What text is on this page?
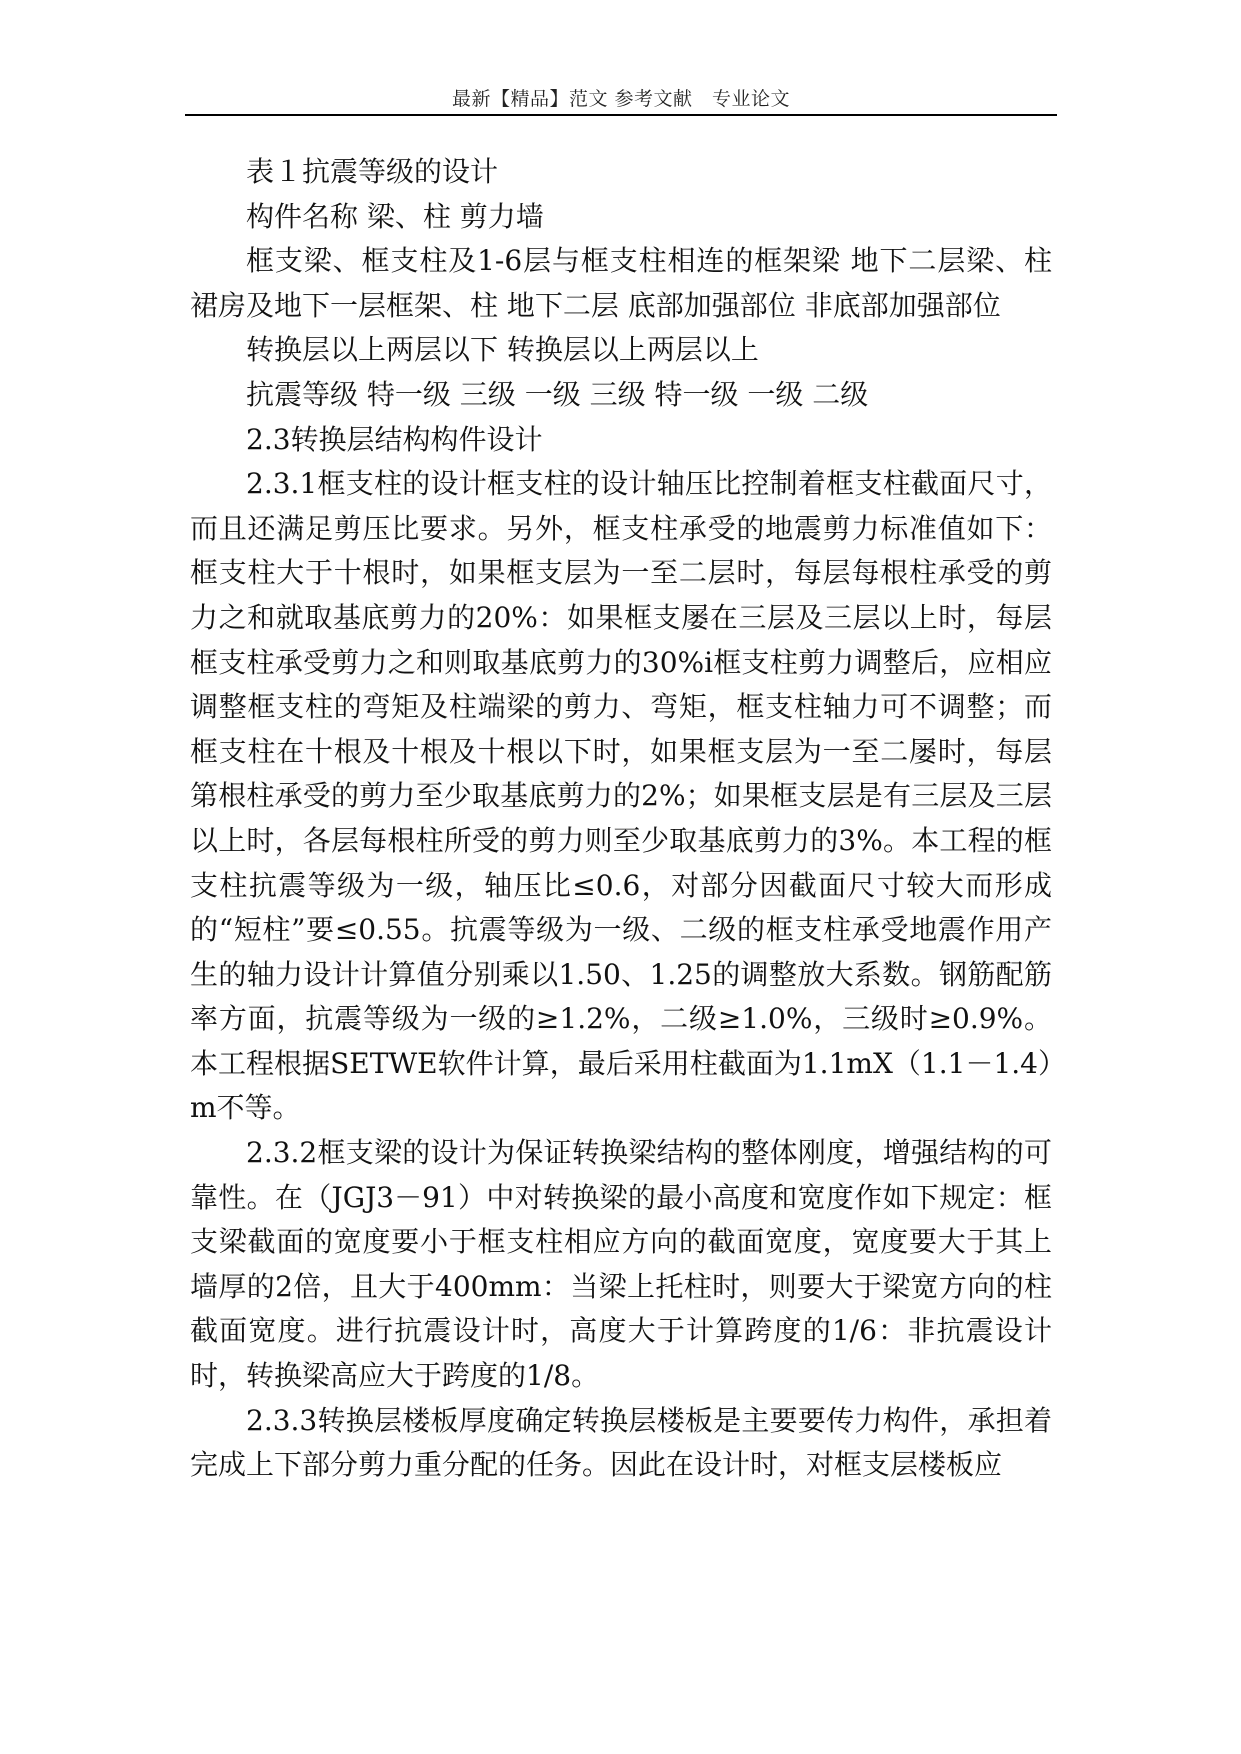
最新【精品】范文 参考文献　专业论文

表１抗震等级的设计

构件名称 梁、柱 剪力墙

框支梁、框支柱及1-6层与框支柱相连的框架梁 地下二层梁、柱 裙房及地下一层框架、柱 地下二层 底部加强部位 非底部加强部位

转换层以上两层以下 转换层以上两层以上

抗震等级 特一级 三级 一级 三级 特一级 一级 二级

2.3转换层结构构件设计

2.3.1框支柱的设计框支柱的设计轴压比控制着框支柱截面尺寸，而且还满足剪压比要求。另外，框支柱承受的地震剪力标准值如下：框支柱大于十根时，如果框支层为一至二层时，每层每根柱承受的剪力之和就取基底剪力的20%：如果框支屡在三层及三层以上时，每层框支柱承受剪力之和则取基底剪力的30%i框支柱剪力调整后，应相应调整框支柱的弯矩及柱端梁的剪力、弯矩，框支柱轴力可不调整；而框支柱在十根及十根及十根以下时，如果框支层为一至二屡时，每层第根柱承受的剪力至少取基底剪力的2%；如果框支层是有三层及三层以上时，各层每根柱所受的剪力则至少取基底剪力的3%。本工程的框支柱抗震等级为一级，轴压比≤0.6，对部分因截面尺寸较大而形成的“短柱”要≤0.55。抗震等级为一级、二级的框支柱承受地震作用产生的轴力设计计算值分别乘以1.50、1.25的调整放大系数。钢筋配筋率方面，抗震等级为一级的≥1.2%，二级≥1.0%，三级时≥0.9%。本工程根据SETWE软件计算，最后采用柱截面为1.1mX（1.1－1.4）m不等。

2.3.2框支梁的设计为保证转换梁结构的整体刚度，增强结构的可靠性。在（JGJ3－91）中对转换梁的最小高度和宽度作如下规定：框支梁截面的宽度要小于框支柱相应方向的截面宽度，宽度要大于其上墙厚的2倍，且大于400mm：当梁上托柱时，则要大于梁宽方向的柱截面宽度。进行抗震设计时，高度大于计算跨度的1/6：非抗震设计时，转换梁高应大于跨度的1/8。

2.3.3转换层楼板厚度确定转换层楼板是主要要传力构件，承担着完成上下部分剪力重分配的任务。因此在设计时，对框支层楼板应
